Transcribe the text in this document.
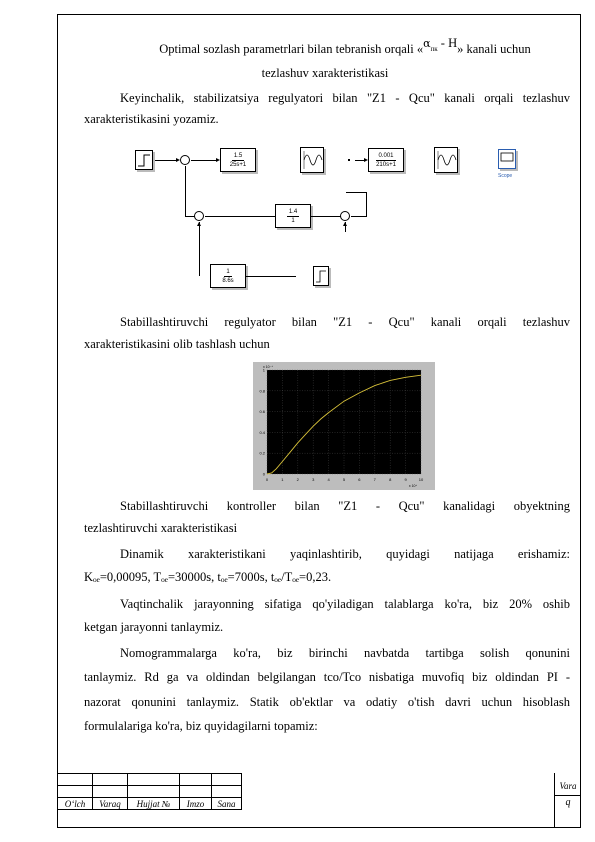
Optimal sozlash parametrlari bilan tebranish orqali «$\alpha_{пк}$ - H» kanali uchun
tezlashuv xarakteristikasi
Keyinchalik, stabilizatsiya regulyatori bilan "Z1 - Qcu" kanali orqali tezlashuv
xarakteristikasini yozamiz.
1.5
25s+1
0.001
210s+1
Scope
1.4
1
1
8.6s
Stabillashtiruvchi regulyator bilan "Z1 - Qcu" kanali orqali tezlashuv
xarakteristikasini olib tashlash uchun
0	1	2	3	4	5	6	7	8	9	10
0
0.2
0.4
0.6
0.8
1
x 10⁻⁴
x 10⁴
Stabillashtiruvchi kontroller bilan "Z1 - Qcu" kanalidagi obyektning
tezlashtiruvchi xarakteristikasi
Dinamik xarakteristikani yaqinlashtirib, quyidagi natijaga erishamiz:
Kₒₑ=0,00095, Tₒₑ=30000s, tₒₑ=7000s, tₒₑ/Tₒₑ=0,23.
Vaqtinchalik jarayonning sifatiga qo'yiladigan talablarga ko'ra, biz 20% oshib
ketgan jarayonni tanlaymiz.
Nomogrammalarga ko'ra, biz birinchi navbatda tartibga solish qonunini
tanlaymiz. Rd ga va oldindan belgilangan tco/Tco nisbatiga muvofiq biz oldindan PI -
nazorat qonunini tanlaymiz. Statik ob'ektlar va odatiy o'tish davri uchun hisoblash
formulalariga ko'ra, biz quyidagilarni topamiz:

O‘lch	Varaq	Hujjat №	Imzo	Sana
Vara
q
